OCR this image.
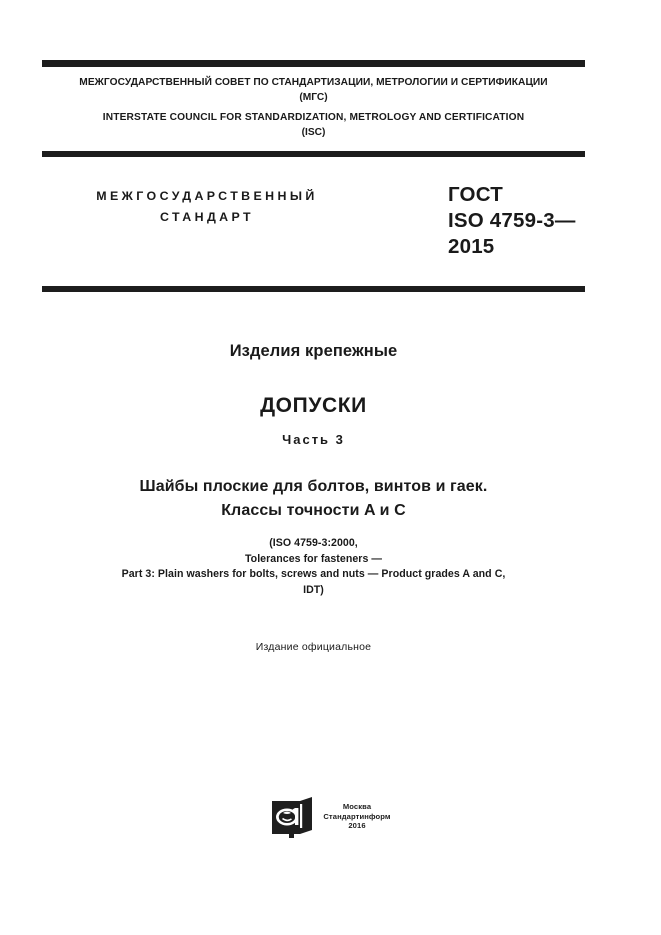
МЕЖГОСУДАРСТВЕННЫЙ СОВЕТ ПО СТАНДАРТИЗАЦИИ, МЕТРОЛОГИИ И СЕРТИФИКАЦИИ
(МГС)
INTERSTATE COUNCIL FOR STANDARDIZATION, METROLOGY AND CERTIFICATION
(ISC)
МЕЖГОСУДАРСТВЕННЫЙ
СТАНДАРТ
ГОСТ
ISO 4759-3—
2015
Изделия крепежные
ДОПУСКИ
Часть 3
Шайбы плоские для болтов, винтов и гаек.
Классы точности A и C
(ISO 4759-3:2000,
Tolerances for fasteners —
Part 3: Plain washers for bolts, screws and nuts — Product grades A and C,
IDT)
Издание официальное
Москва
Стандартинформ
2016
